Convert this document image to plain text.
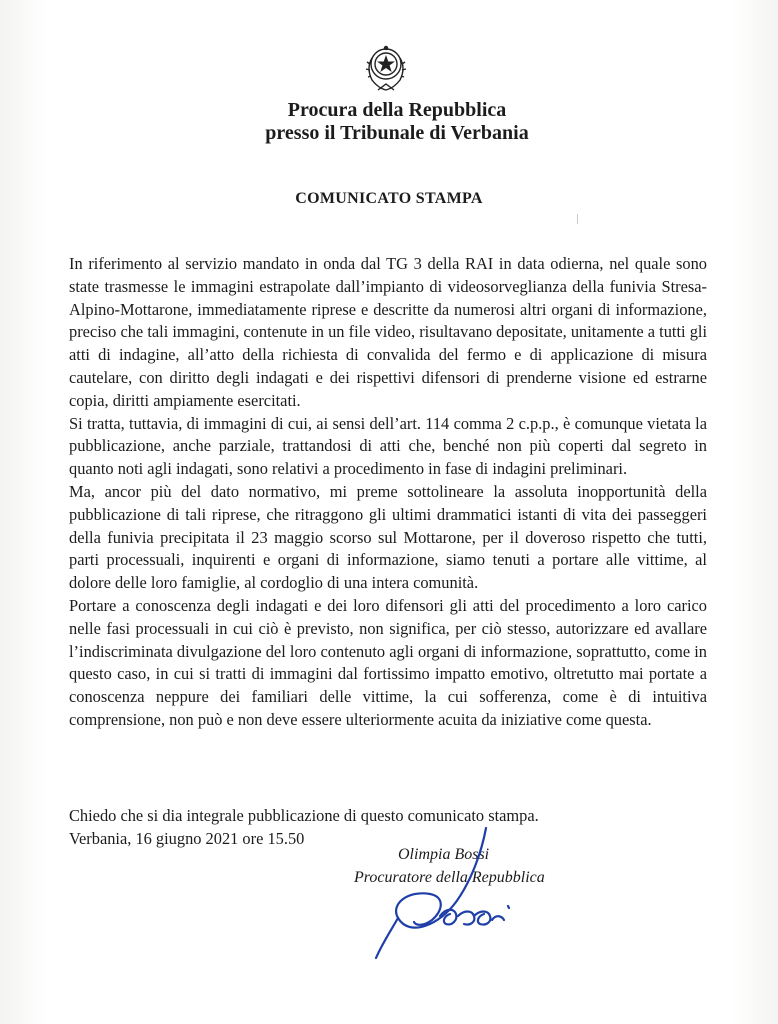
Procura della Repubblica
presso il Tribunale di Verbania
COMUNICATO STAMPA

In riferimento al servizio mandato in onda dal TG 3 della RAI in data odierna, nel quale sono state trasmesse le immagini estrapolate dall’impianto di videosorveglianza della funivia Stresa-Alpino-Mottarone, immediatamente riprese e descritte da numerosi altri organi di informazione, preciso che tali immagini, contenute in un file video, risultavano depositate, unitamente a tutti gli atti di indagine, all’atto della richiesta di convalida del fermo e di applicazione di misura cautelare, con diritto degli indagati e dei rispettivi difensori di prenderne visione ed estrarne copia, diritti ampiamente esercitati.

Si tratta, tuttavia, di immagini di cui, ai sensi dell’art. 114 comma 2 c.p.p., è comunque vietata la pubblicazione, anche parziale, trattandosi di atti che, benché non più coperti dal segreto in quanto noti agli indagati, sono relativi a procedimento in fase di indagini preliminari.

Ma, ancor più del dato normativo, mi preme sottolineare la assoluta inopportunità della pubblicazione di tali riprese, che ritraggono gli ultimi drammatici istanti di vita dei passeggeri della funivia precipitata il 23 maggio scorso sul Mottarone, per il doveroso rispetto che tutti, parti processuali, inquirenti e organi di informazione, siamo tenuti a portare alle vittime, al dolore delle loro famiglie, al cordoglio di una intera comunità.

Portare a conoscenza degli indagati e dei loro difensori gli atti del procedimento a loro carico nelle fasi processuali in cui ciò è previsto, non significa, per ciò stesso, autorizzare ed avallare l’indiscriminata divulgazione del loro contenuto agli organi di informazione, soprattutto, come in questo caso, in cui si tratti di immagini dal fortissimo impatto emotivo, oltretutto mai portate a conoscenza neppure dei familiari delle vittime, la cui sofferenza, come è di intuitiva comprensione, non può e non deve essere ulteriormente acuita da iniziative come questa.

Chiedo che si dia integrale pubblicazione di questo comunicato stampa.
Verbania, 16 giugno 2021 ore 15.50
Olimpia Bossi
Procuratore della Repubblica
